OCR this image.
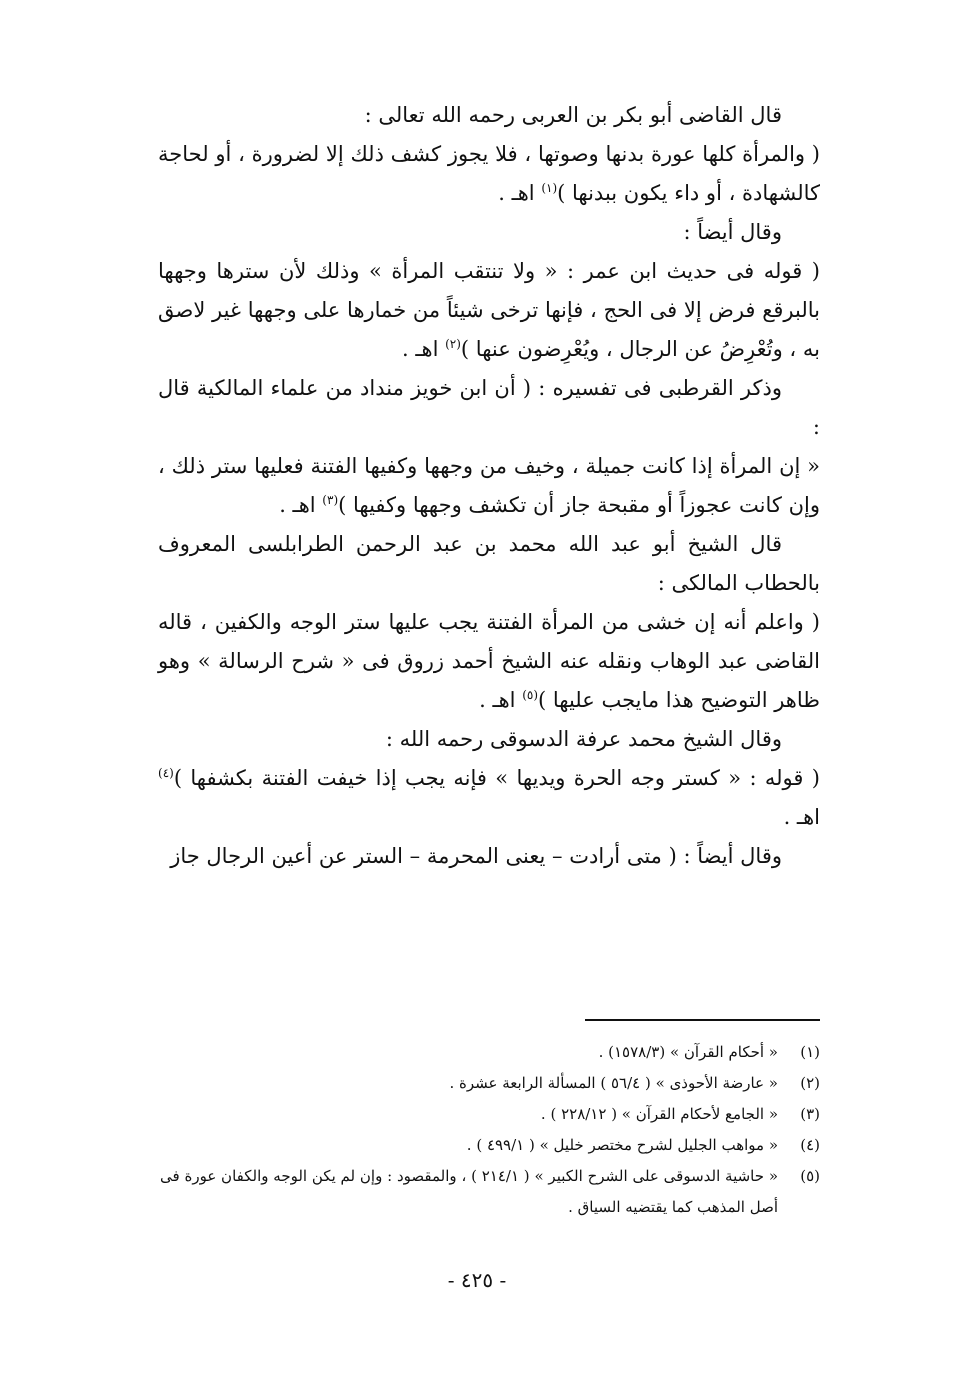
قال القاضى أبو بكر بن العربى رحمه الله تعالى :

( والمرأة كلها عورة بدنها وصوتها ، فلا يجوز كشف ذلك إلا لضرورة ، أو لحاجة كالشهادة ، أو داء يكون ببدنها )$^{(١)}$ اهـ .

وقال أيضاً :

( قوله فى حديث ابن عمر : « ولا تنتقب المرأة » وذلك لأن سترها وجهها بالبرقع فرض إلا فى الحج ، فإنها ترخى شيئاً من خمارها على وجهها غير لاصق به ، وتُعْرِضُ عن الرجال ، ويُعْرِضون عنها )$^{(٢)}$ اهـ .

وذكر القرطبى فى تفسيره : ( أن ابن خويز منداد من علماء المالكية قال :

« إن المرأة إذا كانت جميلة ، وخيف من وجهها وكفيها الفتنة فعليها ستر ذلك ، وإن كانت عجوزاً أو مقبحة جاز أن تكشف وجهها وكفيها )$^{(٣)}$ اهـ .

قال الشيخ أبو عبد الله محمد بن عبد الرحمن الطرابلسى المعروف بالحطاب المالكى :

( واعلم أنه إن خشى من المرأة الفتنة يجب عليها ستر الوجه والكفين ، قاله القاضى عبد الوهاب ونقله عنه الشيخ أحمد زروق فى « شرح الرسالة » وهو ظاهر التوضيح هذا مايجب عليها )$^{(٥)}$ اهـ .

وقال الشيخ محمد عرفة الدسوقى رحمه الله :

( قوله : « كستر وجه الحرة ويديها » فإنه يجب إذا خيفت الفتنة بكشفها )$^{(٤)}$ اهـ .

وقال أيضاً : ( متى أرادت – يعنى المحرمة – الستر عن أعين الرجال جاز

(١)
« أحكام القرآن » (١٥٧٨/٣) .
(٢)
« عارضة الأحوذى » ( ٥٦/٤ ) المسألة الرابعة عشرة .
(٣)
« الجامع لأحكام القرآن » ( ٢٢٨/١٢ ) .
(٤)
« مواهب الجليل لشرح مختصر خليل » ( ٤٩٩/١ ) .
(٥)
« حاشية الدسوقى على الشرح الكبير » ( ٢١٤/١ ) ، والمقصود : وإن لم يكن الوجه والكفان عورة فى أصل المذهب كما يقتضيه السياق .
- ٤٢٥ -
